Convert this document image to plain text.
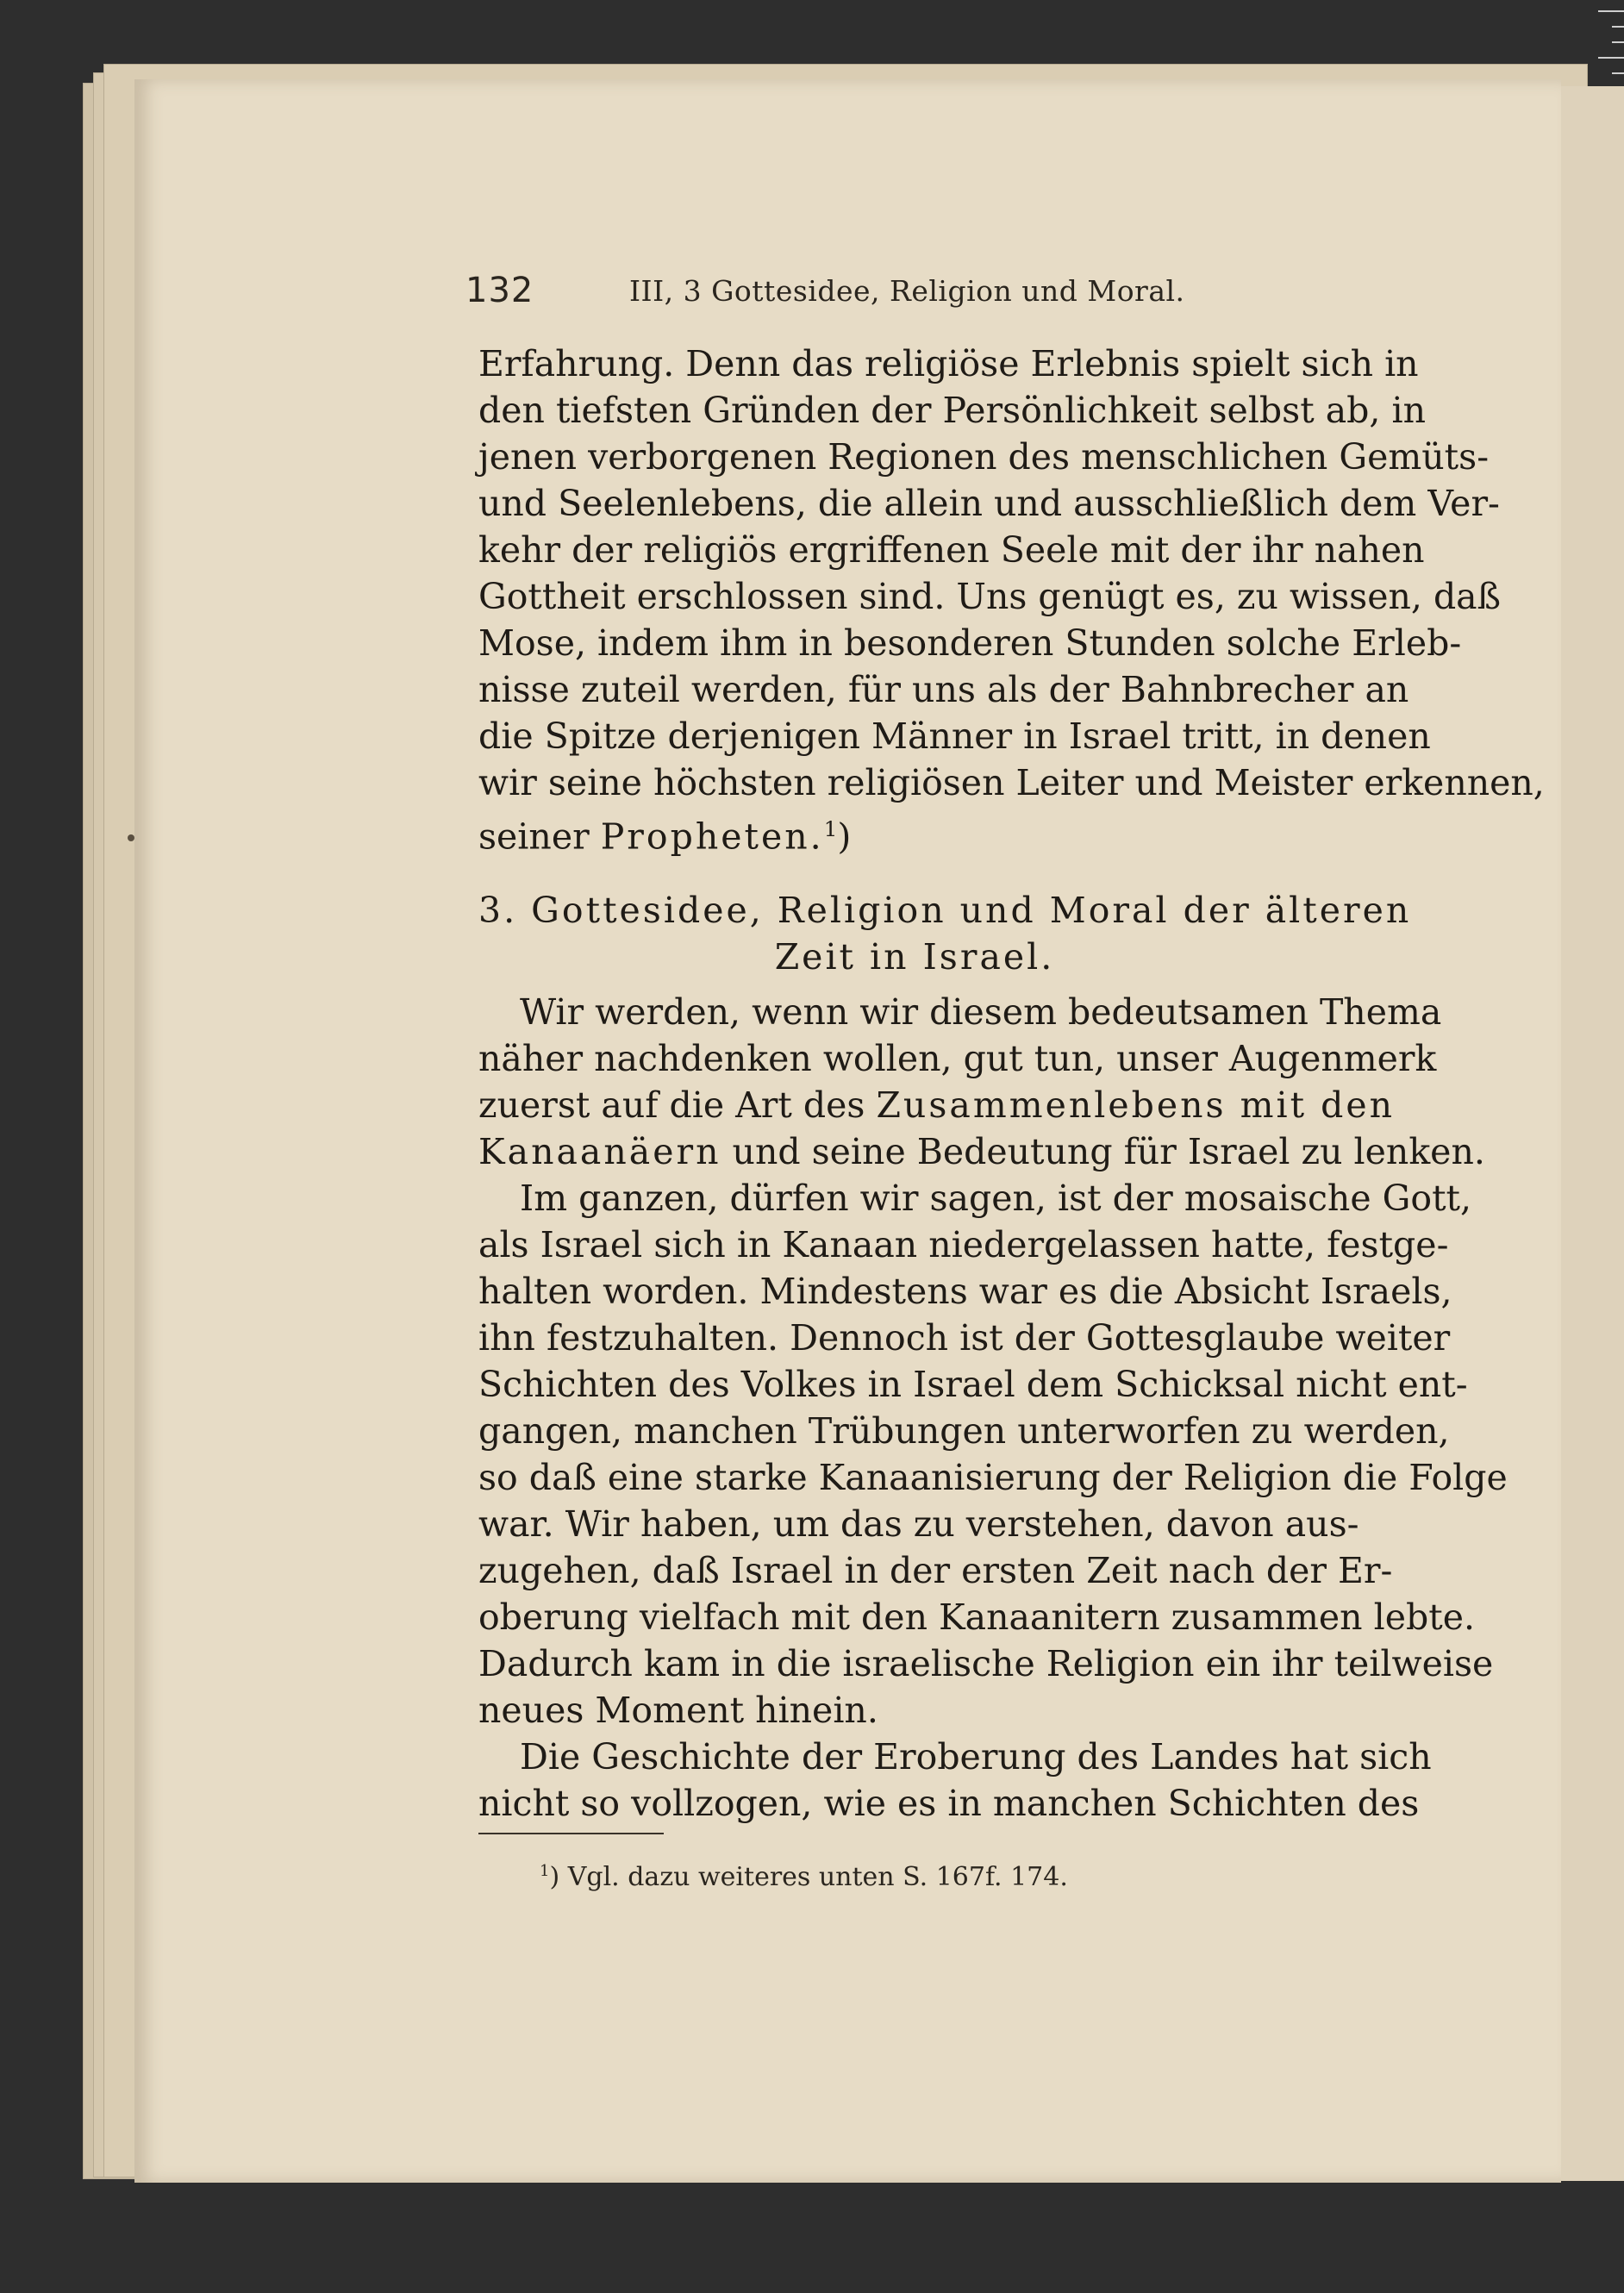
132	III, 3 Gottesidee, Religion und Moral.
Erfahrung. Denn das religiöse Erlebnis spielt sich in
den tiefsten Gründen der Persönlichkeit selbst ab, in
jenen verborgenen Regionen des menschlichen Gemüts-
und Seelenlebens, die allein und ausschließlich dem Ver-
kehr der religiös ergriffenen Seele mit der ihr nahen
Gottheit erschlossen sind. Uns genügt es, zu wissen, daß
Mose, indem ihm in besonderen Stunden solche Erleb-
nisse zuteil werden, für uns als der Bahnbrecher an
die Spitze derjenigen Männer in Israel tritt, in denen
wir seine höchsten religiösen Leiter und Meister erkennen,
seiner Propheten.$^1$)
3. Gottesidee, Religion und Moral der älteren
Zeit in Israel.
Wir werden, wenn wir diesem bedeutsamen Thema
näher nachdenken wollen, gut tun, unser Augenmerk
zuerst auf die Art des Zusammenlebens mit den
Kanaanäern und seine Bedeutung für Israel zu lenken.
Im ganzen, dürfen wir sagen, ist der mosaische Gott,
als Israel sich in Kanaan niedergelassen hatte, festge-
halten worden. Mindestens war es die Absicht Israels,
ihn festzuhalten. Dennoch ist der Gottesglaube weiter
Schichten des Volkes in Israel dem Schicksal nicht ent-
gangen, manchen Trübungen unterworfen zu werden,
so daß eine starke Kanaanisierung der Religion die Folge
war. Wir haben, um das zu verstehen, davon aus-
zugehen, daß Israel in der ersten Zeit nach der Er-
oberung vielfach mit den Kanaanitern zusammen lebte.
Dadurch kam in die israelische Religion ein ihr teilweise
neues Moment hinein.
Die Geschichte der Eroberung des Landes hat sich
nicht so vollzogen, wie es in manchen Schichten des
$^1$) Vgl. dazu weiteres unten S. 167f. 174.
